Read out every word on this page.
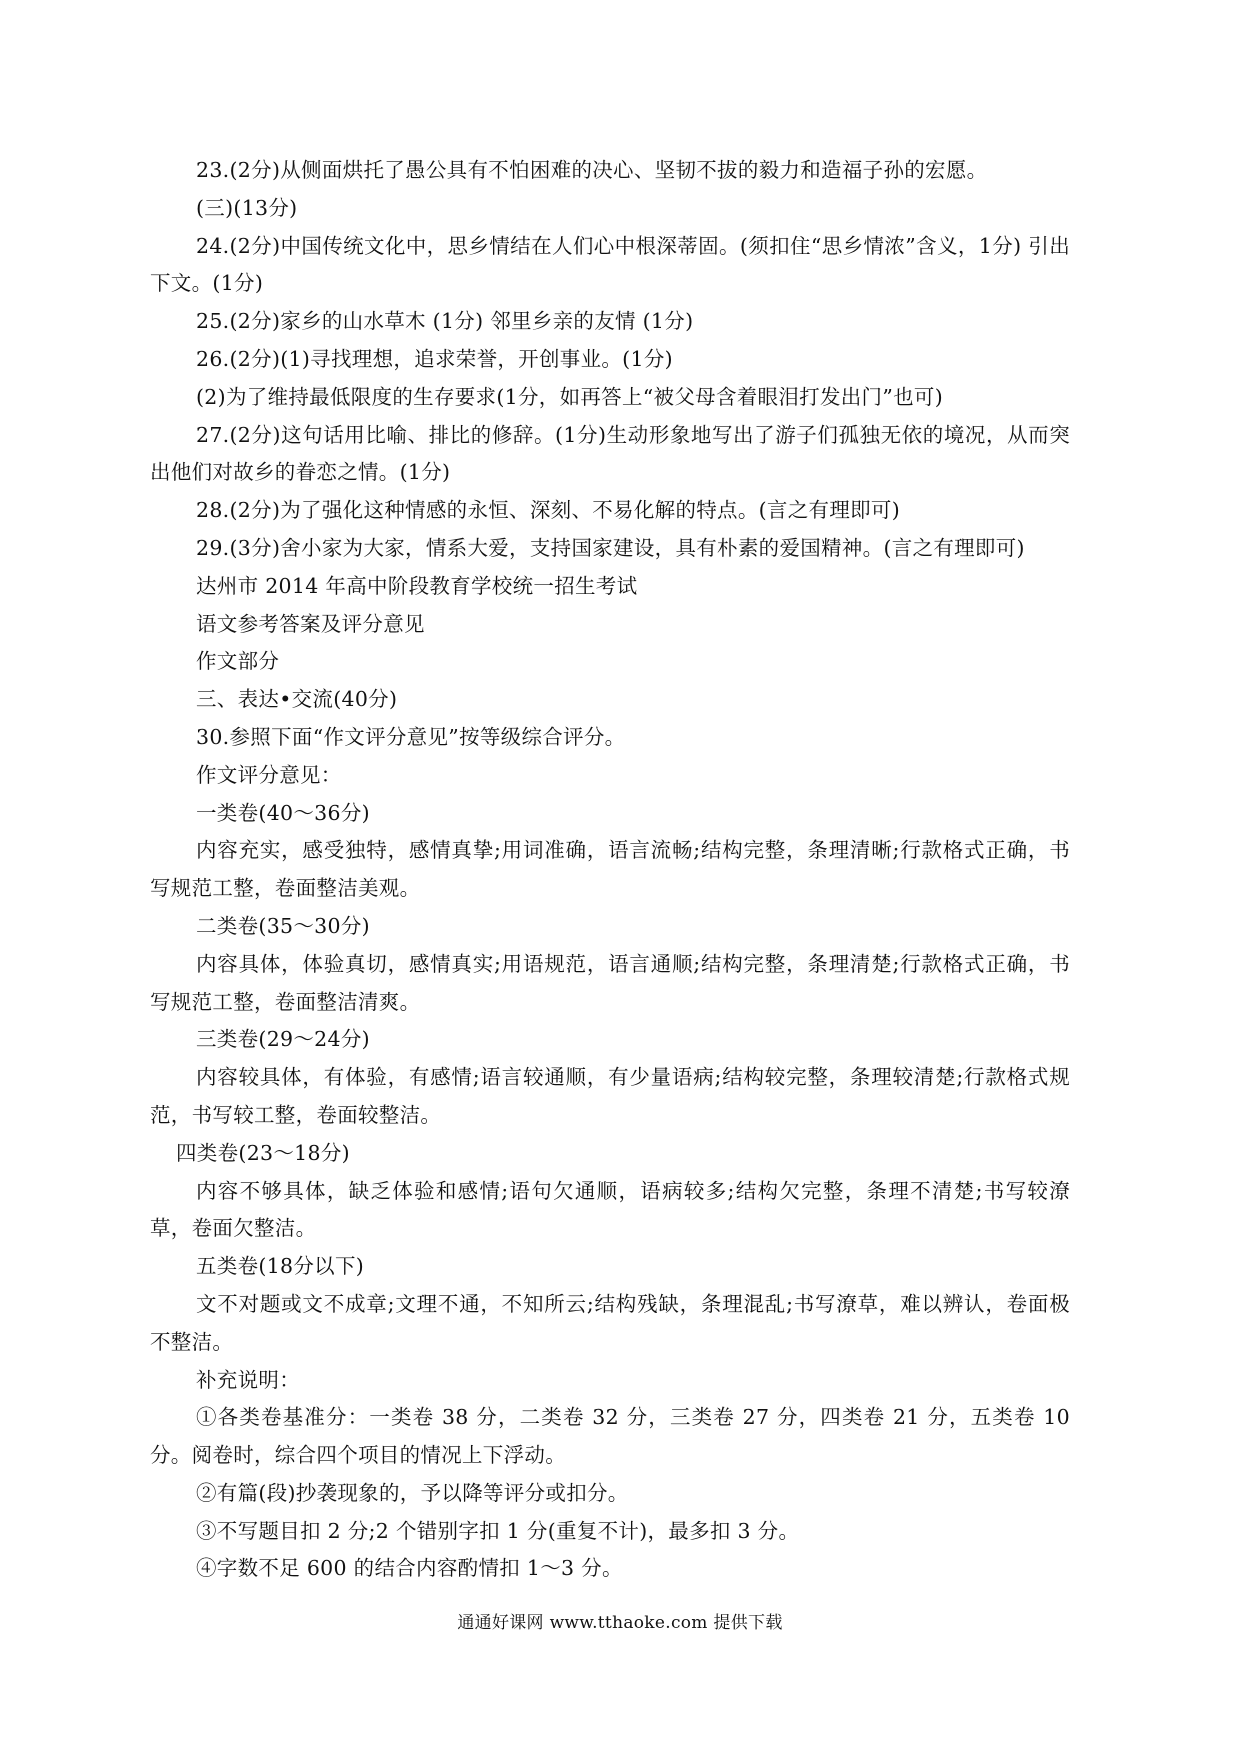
23.(2分)从侧面烘托了愚公具有不怕困难的决心、坚韧不拔的毅力和造福子孙的宏愿。
(三)(13分)
24.(2分)中国传统文化中，思乡情结在人们心中根深蒂固。(须扣住“思乡情浓”含义，1分) 引出下文。(1分)
25.(2分)家乡的山水草木 (1分) 邻里乡亲的友情 (1分)
26.(2分)(1)寻找理想，追求荣誉，开创事业。(1分)
(2)为了维持最低限度的生存要求(1分，如再答上“被父母含着眼泪打发出门”也可)
27.(2分)这句话用比喻、排比的修辞。(1分)生动形象地写出了游子们孤独无依的境况，从而突出他们对故乡的眷恋之情。(1分)
28.(2分)为了强化这种情感的永恒、深刻、不易化解的特点。(言之有理即可)
29.(3分)舍小家为大家，情系大爱，支持国家建设，具有朴素的爱国精神。(言之有理即可)
达州市 2014 年高中阶段教育学校统一招生考试
语文参考答案及评分意见
作文部分
三、表达•交流(40分)
30.参照下面“作文评分意见”按等级综合评分。
作文评分意见：
一类卷(40～36分)
内容充实，感受独特，感情真挚;用词准确，语言流畅;结构完整，条理清晰;行款格式正确，书写规范工整，卷面整洁美观。
二类卷(35～30分)
内容具体，体验真切，感情真实;用语规范，语言通顺;结构完整，条理清楚;行款格式正确，书写规范工整，卷面整洁清爽。
三类卷(29～24分)
内容较具体，有体验，有感情;语言较通顺，有少量语病;结构较完整，条理较清楚;行款格式规范，书写较工整，卷面较整洁。
四类卷(23～18分)
内容不够具体，缺乏体验和感情;语句欠通顺，语病较多;结构欠完整，条理不清楚;书写较潦草，卷面欠整洁。
五类卷(18分以下)
文不对题或文不成章;文理不通，不知所云;结构残缺，条理混乱;书写潦草，难以辨认，卷面极不整洁。
补充说明：
①各类卷基准分：一类卷 38 分，二类卷 32 分，三类卷 27 分，四类卷 21 分，五类卷 10 分。阅卷时，综合四个项目的情况上下浮动。
②有篇(段)抄袭现象的，予以降等评分或扣分。
③不写题目扣 2 分;2 个错别字扣 1 分(重复不计)，最多扣 3 分。
④字数不足 600 的结合内容酌情扣 1～3 分。
通通好课网 www.tthaoke.com 提供下载
